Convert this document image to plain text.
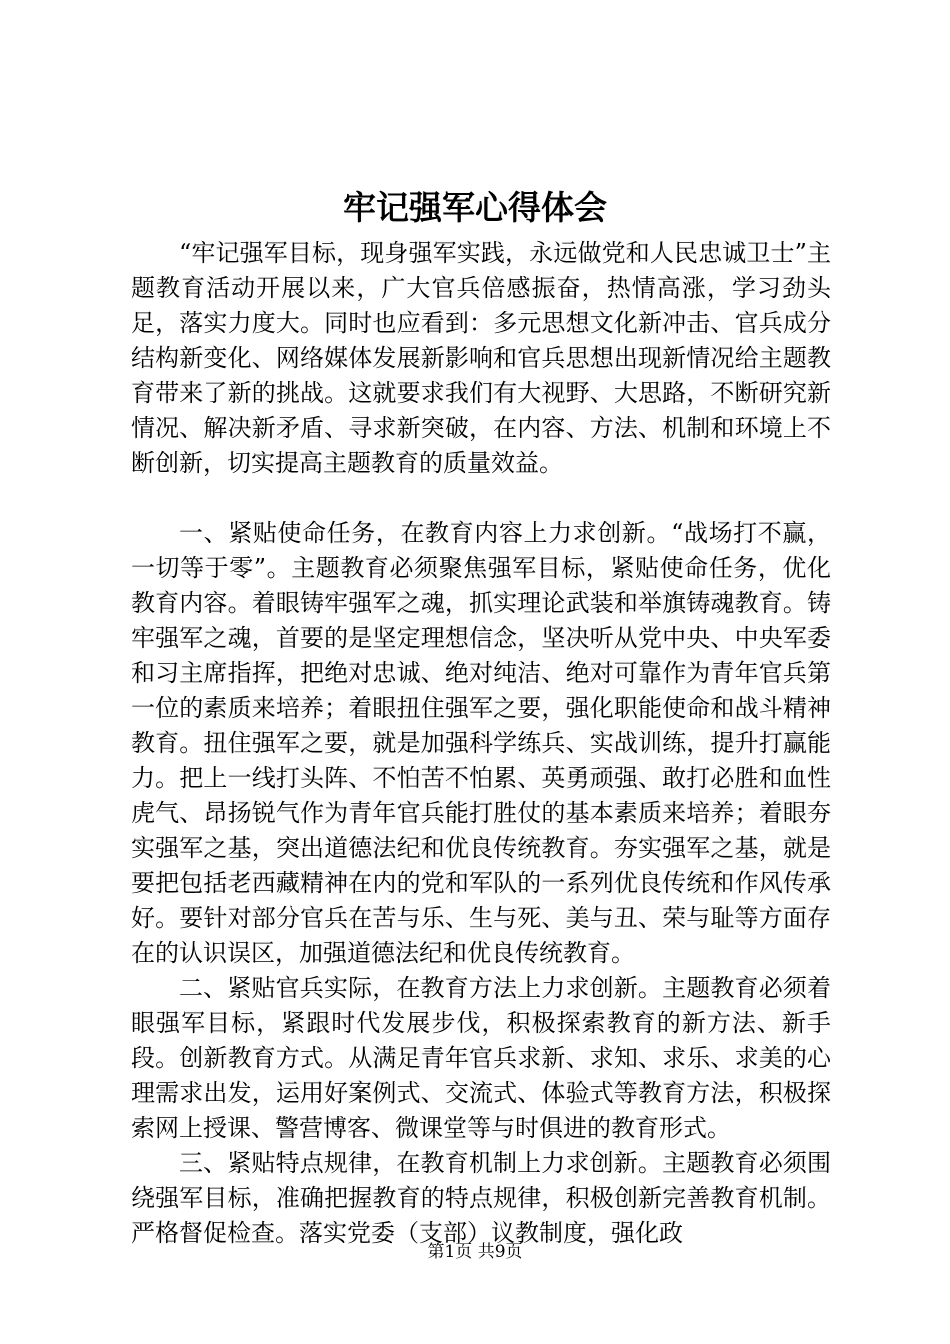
牢记强军心得体会

“牢记强军目标，现身强军实践，永远做党和人民忠诚卫士”主题教育活动开展以来，广大官兵倍感振奋，热情高涨，学习劲头足，落实力度大。同时也应看到：多元思想文化新冲击、官兵成分结构新变化、网络媒体发展新影响和官兵思想出现新情况给主题教育带来了新的挑战。这就要求我们有大视野、大思路，不断研究新情况、解决新矛盾、寻求新突破，在内容、方法、机制和环境上不断创新，切实提高主题教育的质量效益。

一、紧贴使命任务，在教育内容上力求创新。“战场打不赢，一切等于零”。主题教育必须聚焦强军目标，紧贴使命任务，优化教育内容。着眼铸牢强军之魂，抓实理论武装和举旗铸魂教育。铸牢强军之魂，首要的是坚定理想信念，坚决听从党中央、中央军委和习主席指挥，把绝对忠诚、绝对纯洁、绝对可靠作为青年官兵第一位的素质来培养；着眼扭住强军之要，强化职能使命和战斗精神教育。扭住强军之要，就是加强科学练兵、实战训练，提升打赢能力。把上一线打头阵、不怕苦不怕累、英勇顽强、敢打必胜和血性虎气、昂扬锐气作为青年官兵能打胜仗的基本素质来培养；着眼夯实强军之基，突出道德法纪和优良传统教育。夯实强军之基，就是要把包括老西藏精神在内的党和军队的一系列优良传统和作风传承好。要针对部分官兵在苦与乐、生与死、美与丑、荣与耻等方面存在的认识误区，加强道德法纪和优良传统教育。

二、紧贴官兵实际，在教育方法上力求创新。主题教育必须着眼强军目标，紧跟时代发展步伐，积极探索教育的新方法、新手段。创新教育方式。从满足青年官兵求新、求知、求乐、求美的心理需求出发，运用好案例式、交流式、体验式等教育方法，积极探索网上授课、警营博客、微课堂等与时俱进的教育形式。

三、紧贴特点规律，在教育机制上力求创新。主题教育必须围绕强军目标，准确把握教育的特点规律，积极创新完善教育机制。严格督促检查。落实党委（支部）议教制度，强化政

第1页 共9页
